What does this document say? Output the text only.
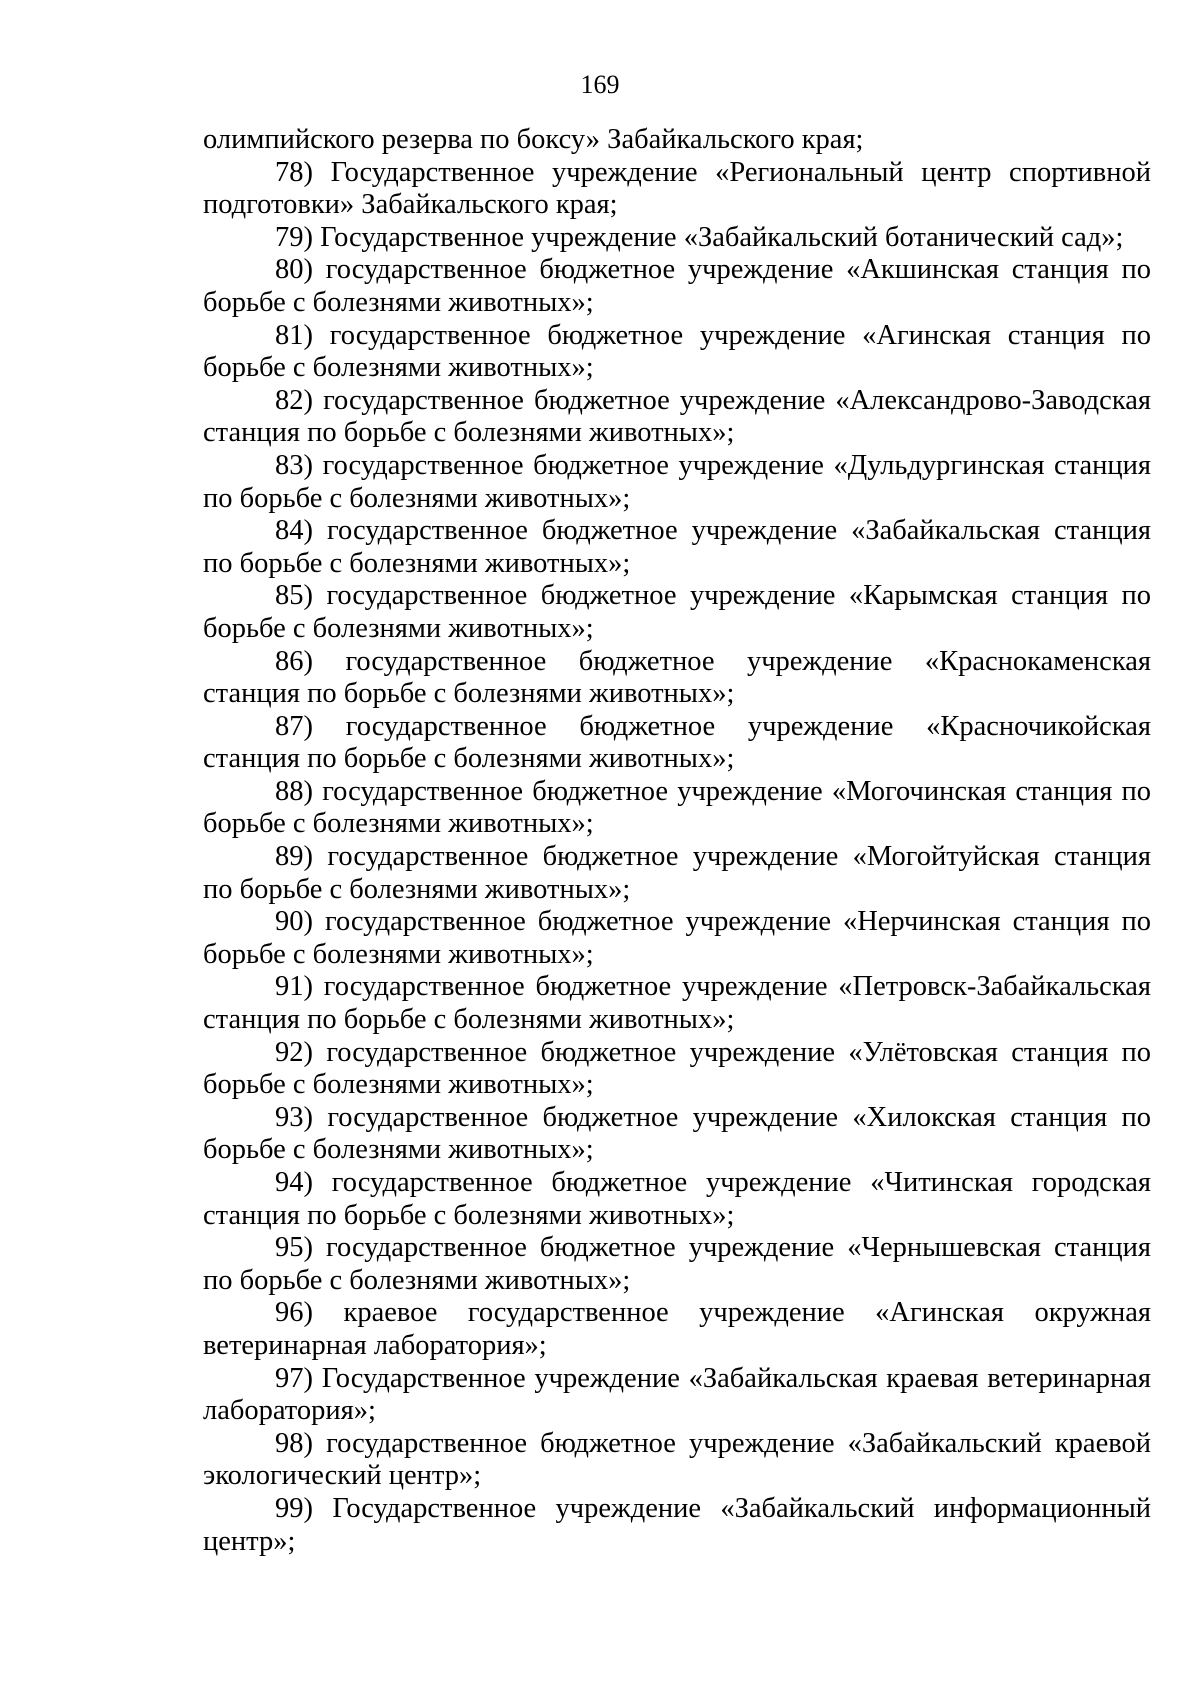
169

олимпийского резерва по боксу» Забайкальского края;

78) Государственное учреждение «Региональный центр спортивной подготовки» Забайкальского края;

79) Государственное учреждение «Забайкальский ботанический сад»;

80) государственное бюджетное учреждение «Акшинская станция по борьбе с болезнями животных»;

81) государственное бюджетное учреждение «Агинская станция по борьбе с болезнями животных»;

82) государственное бюджетное учреждение «Александрово-Заводская станция по борьбе с болезнями животных»;

83) государственное бюджетное учреждение «Дульдургинская станция по борьбе с болезнями животных»;

84) государственное бюджетное учреждение «Забайкальская станция по борьбе с болезнями животных»;

85) государственное бюджетное учреждение «Карымская станция по борьбе с болезнями животных»;

86) государственное бюджетное учреждение «Краснокаменская станция по борьбе с болезнями животных»;

87) государственное бюджетное учреждение «Красночикойская станция по борьбе с болезнями животных»;

88) государственное бюджетное учреждение «Могочинская станция по борьбе с болезнями животных»;

89) государственное бюджетное учреждение «Могойтуйская станция по борьбе с болезнями животных»;

90) государственное бюджетное учреждение «Нерчинская станция по борьбе с болезнями животных»;

91) государственное бюджетное учреждение «Петровск-Забайкальская станция по борьбе с болезнями животных»;

92) государственное бюджетное учреждение «Улётовская станция по борьбе с болезнями животных»;

93) государственное бюджетное учреждение «Хилокская станция по борьбе с болезнями животных»;

94) государственное бюджетное учреждение «Читинская городская станция по борьбе с болезнями животных»;

95) государственное бюджетное учреждение «Чернышевская станция по борьбе с болезнями животных»;

96) краевое государственное учреждение «Агинская окружная ветеринарная лаборатория»;

97) Государственное учреждение «Забайкальская краевая ветеринарная лаборатория»;

98) государственное бюджетное учреждение «Забайкальский краевой экологический центр»;

99) Государственное учреждение «Забайкальский информационный центр»;
